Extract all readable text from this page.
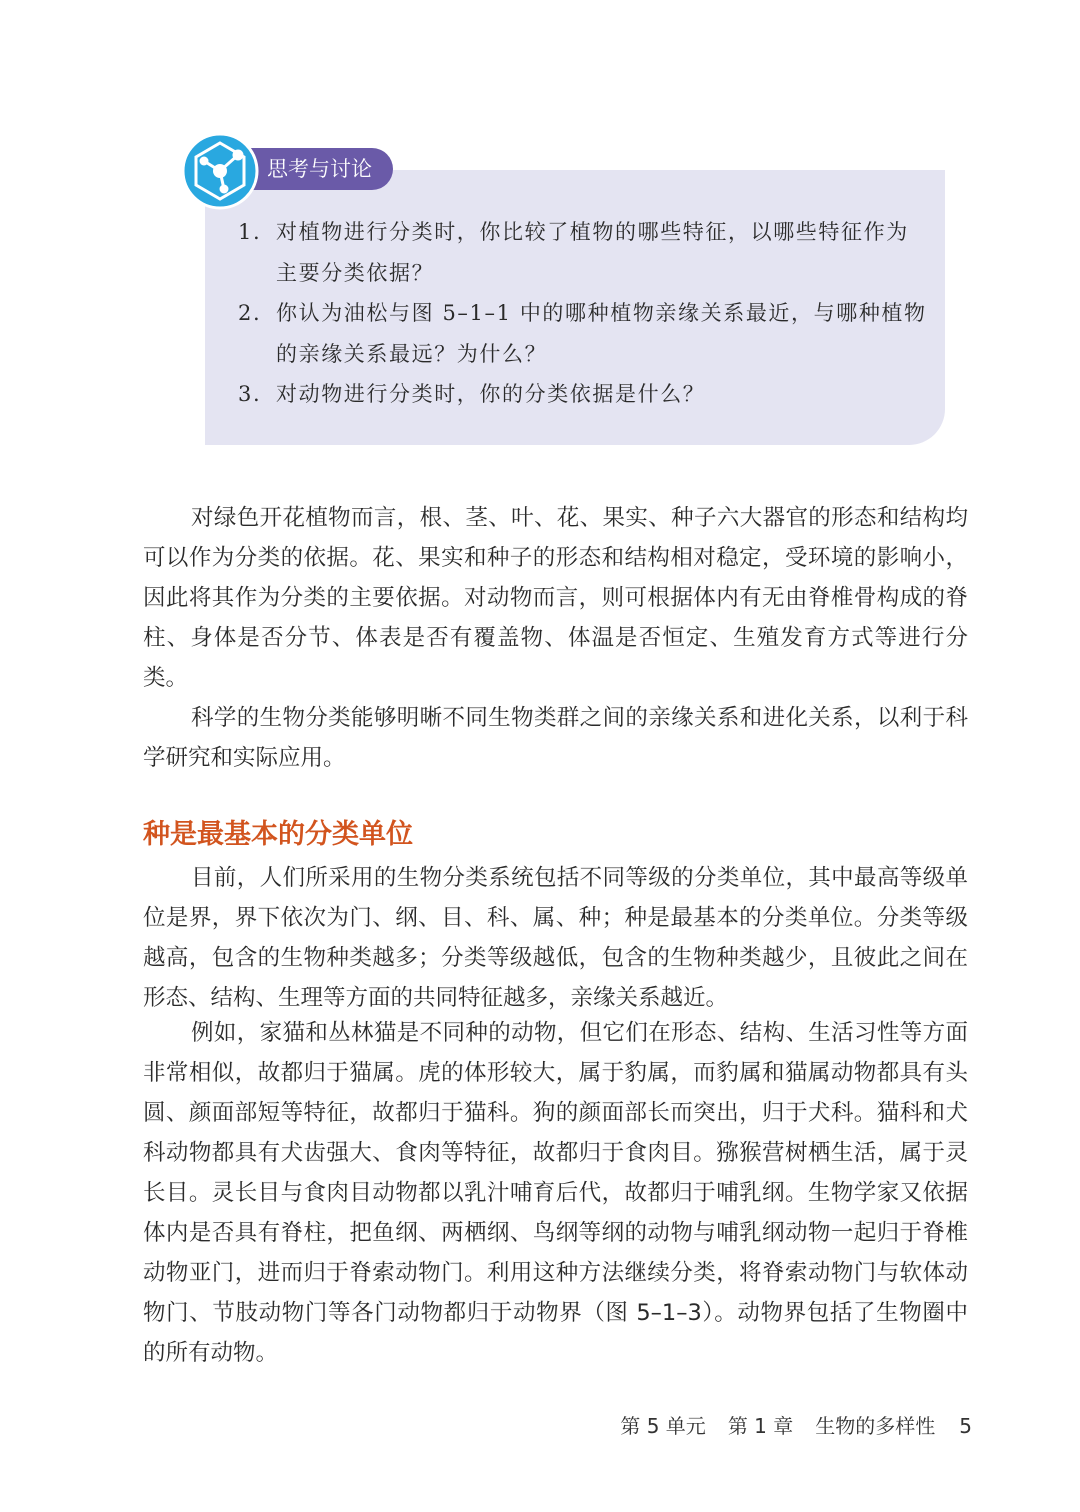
思考与讨论
1. 对植物进行分类时，你比较了植物的哪些特征，以哪些特征作为主要分类依据？
2. 你认为油松与图 5–1–1 中的哪种植物亲缘关系最近，与哪种植物的亲缘关系最远？为什么？
3. 对动物进行分类时，你的分类依据是什么？

对绿色开花植物而言，根、茎、叶、花、果实、种子六大器官的形态和结构均可以作为分类的依据。花、果实和种子的形态和结构相对稳定，受环境的影响小，因此将其作为分类的主要依据。对动物而言，则可根据体内有无由脊椎骨构成的脊柱、身体是否分节、体表是否有覆盖物、体温是否恒定、生殖发育方式等进行分类。

科学的生物分类能够明晰不同生物类群之间的亲缘关系和进化关系，以利于科学研究和实际应用。

种是最基本的分类单位

目前，人们所采用的生物分类系统包括不同等级的分类单位，其中最高等级单位是界，界下依次为门、纲、目、科、属、种；种是最基本的分类单位。分类等级越高，包含的生物种类越多；分类等级越低，包含的生物种类越少，且彼此之间在形态、结构、生理等方面的共同特征越多，亲缘关系越近。

例如，家猫和丛林猫是不同种的动物，但它们在形态、结构、生活习性等方面非常相似，故都归于猫属。虎的体形较大，属于豹属，而豹属和猫属动物都具有头圆、颜面部短等特征，故都归于猫科。狗的颜面部长而突出，归于犬科。猫科和犬科动物都具有犬齿强大、食肉等特征，故都归于食肉目。猕猴营树栖生活，属于灵长目。灵长目与食肉目动物都以乳汁哺育后代，故都归于哺乳纲。生物学家又依据体内是否具有脊柱，把鱼纲、两栖纲、鸟纲等纲的动物与哺乳纲动物一起归于脊椎动物亚门，进而归于脊索动物门。利用这种方法继续分类，将脊索动物门与软体动物门、节肢动物门等各门动物都归于动物界（图 5–1–3）。动物界包括了生物圈中的所有动物。

第 5 单元 第 1 章 生物的多样性 5
